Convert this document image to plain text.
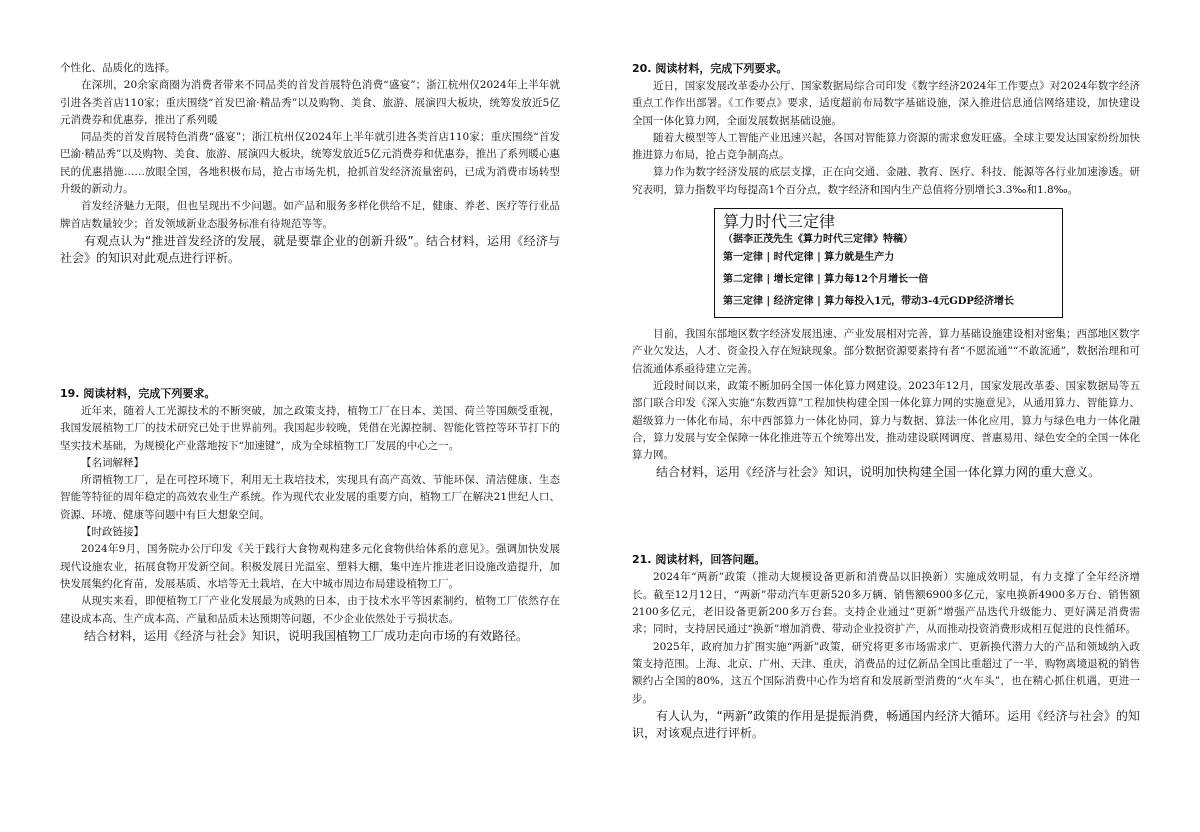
个性化、品质化的选择。

在深圳，20余家商圈为消费者带来不同品类的首发首展特色消费“盛宴”；浙江杭州仅2024年上半年就引进各类首店110家；重庆围绕“首发巴渝·精品秀”以及购物、美食、旅游、展演四大板块，统筹发放近5亿元消费券和优惠券，推出了系列暖

同品类的首发首展特色消费“盛宴”；浙江杭州仅2024年上半年就引进各类首店110家；重庆围绕“首发巴渝·精品秀”以及购物、美食、旅游、展演四大板块，统筹发放近5亿元消费券和优惠券，推出了系列暖心惠民的优惠措施……放眼全国，各地积极布局，抢占市场先机，抢抓首发经济流量密码，已成为消费市场转型升级的新动力。

首发经济魅力无限，但也呈现出不少问题。如产品和服务多样化供给不足，健康、养老、医疗等行业品牌首店数量较少；首发领域新业态服务标准有待规范等等。

有观点认为“推进首发经济的发展，就是要靠企业的创新升级”。结合材料，运用《经济与社会》的知识对此观点进行评析。

19. 阅读材料，完成下列要求。

近年来，随着人工光源技术的不断突破，加之政策支持，植物工厂在日本、美国、荷兰等国颇受重视，我国发展植物工厂的技术研究已处于世界前列。我国起步较晚，凭借在光源控制、智能化管控等环节打下的坚实技术基础，为规模化产业落地按下“加速键”，成为全球植物工厂发展的中心之一。

【名词解释】

所谓植物工厂，是在可控环境下，利用无土栽培技术，实现具有高产高效、节能环保、清洁健康、生态智能等特征的周年稳定的高效农业生产系统。作为现代农业发展的重要方向，植物工厂在解决21世纪人口、资源、环境、健康等问题中有巨大想象空间。

【时政链接】

2024年9月，国务院办公厅印发《关于践行大食物观构建多元化食物供给体系的意见》。强调加快发展现代设施农业，拓展食物开发新空间。积极发展日光温室、塑料大棚，集中连片推进老旧设施改造提升，加快发展集约化育苗，发展基质、水培等无土栽培，在大中城市周边布局建设植物工厂。

从现实来看，即便植物工厂产业化发展最为成熟的日本，由于技术水平等因素制约，植物工厂依然存在建设成本高、生产成本高、产量和品质未达预期等问题，不少企业依然处于亏损状态。

结合材料，运用《经济与社会》知识，说明我国植物工厂成功走向市场的有效路径。

20. 阅读材料，完成下列要求。

近日，国家发展改革委办公厅、国家数据局综合司印发《数字经济2024年工作要点》对2024年数字经济重点工作作出部署。《工作要点》要求，适度超前布局数字基础设施，深入推进信息通信网络建设，加快建设全国一体化算力网，全面发展数据基础设施。

随着大模型等人工智能产业迅速兴起，各国对智能算力资源的需求愈发旺盛。全球主要发达国家纷纷加快推进算力布局，抢占竞争制高点。

算力作为数字经济发展的底层支撑，正在向交通、金融、教育、医疗、科技、能源等各行业加速渗透。研究表明，算力指数平均每提高1个百分点，数字经济和国内生产总值将分别增长3.3‰和1.8‰。

算力时代三定律
（据李正茂先生《算力时代三定律》特稿）
第一定律 | 时代定律 | 算力就是生产力
第二定律 | 增长定律 | 算力每12个月增长一倍
第三定律 | 经济定律 | 算力每投入1元，带动3-4元GDP经济增长

目前，我国东部地区数字经济发展迅速、产业发展相对完善，算力基础设施建设相对密集；西部地区数字产业欠发达，人才、资金投入存在短缺现象。部分数据资源要素持有者“不愿流通”“不敢流通”，数据治理和可信流通体系亟待建立完善。

近段时间以来，政策不断加码全国一体化算力网建设。2023年12月，国家发展改革委、国家数据局等五部门联合印发《深入实施“东数西算”工程加快构建全国一体化算力网的实施意见》，从通用算力、智能算力、超级算力一体化布局，东中西部算力一体化协同，算力与数据、算法一体化应用，算力与绿色电力一体化融合，算力发展与安全保障一体化推进等五个统筹出发，推动建设联网调度、普惠易用、绿色安全的全国一体化算力网。

结合材料，运用《经济与社会》知识，说明加快构建全国一体化算力网的重大意义。

21. 阅读材料，回答问题。

2024年“两新”政策（推动大规模设备更新和消费品以旧换新）实施成效明显，有力支撑了全年经济增长。截至12月12日，“两新”带动汽车更新520多万辆、销售额6900多亿元，家电换新4900多万台、销售额2100多亿元，老旧设备更新200多万台套。支持企业通过“更新”增强产品迭代升级能力、更好满足消费需求；同时，支持居民通过“换新”增加消费、带动企业投资扩产，从而推动投资消费形成相互促进的良性循环。

2025年，政府加力扩围实施“两新”政策，研究将更多市场需求广、更新换代潜力大的产品和领域纳入政策支持范围。上海、北京、广州、天津、重庆，消费品的过亿新品全国比重超过了一半，购物离境退税的销售额约占全国的80%，这五个国际消费中心作为培育和发展新型消费的“火车头”，也在精心抓住机遇，更进一步。

有人认为，“两新”政策的作用是提振消费，畅通国内经济大循环。运用《经济与社会》的知识，对该观点进行评析。
